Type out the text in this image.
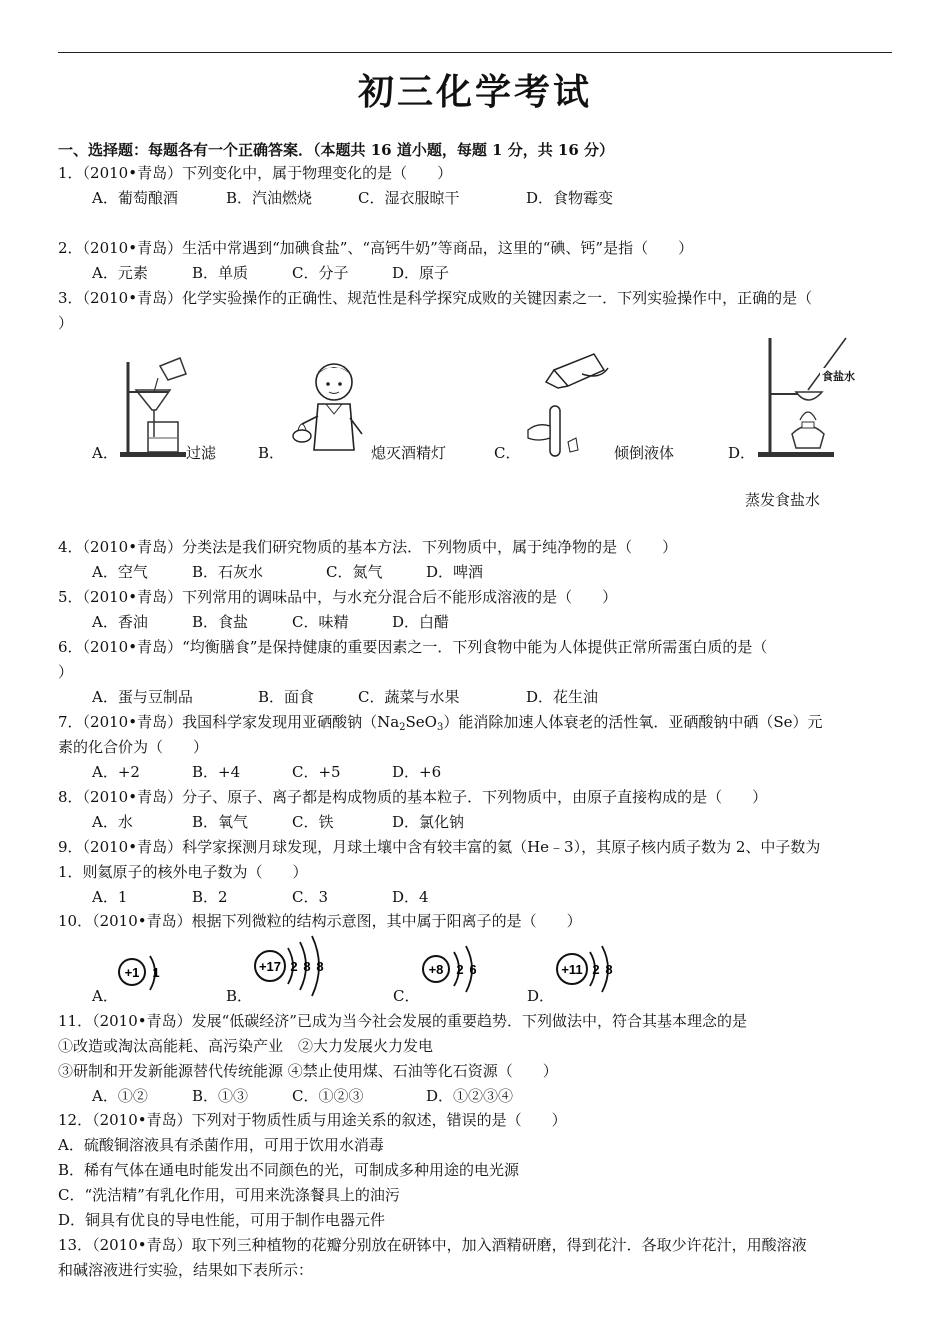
初三化学考试
一、选择题：每题各有一个正确答案．（本题共 16 道小题，每题 1 分，共 16 分）
1．（2010•青岛）下列变化中，属于物理变化的是（　　）
A．葡萄酿酒	B．汽油燃烧	C．湿衣服晾干	D．食物霉变
2．（2010•青岛）生活中常遇到“加碘食盐”、“高钙牛奶”等商品，这里的“碘、钙”是指（　　）
A．元素	B．单质	C．分子	D．原子
3．（2010•青岛）化学实验操作的正确性、规范性是科学探究成败的关键因素之一．下列实验操作中，正确的是（
）
A．	过滤	B．	熄灭酒精灯	C．	倾倒液体
食盐水
D．
蒸发食盐水
4．（2010•青岛）分类法是我们研究物质的基本方法．下列物质中，属于纯净物的是（　　）
A．空气	B．石灰水	C．氮气	D．啤酒
5．（2010•青岛）下列常用的调味品中，与水充分混合后不能形成溶液的是（　　）
A．香油	B．食盐	C．味精	D．白醋
6．（2010•青岛）“均衡膳食”是保持健康的重要因素之一．下列食物中能为人体提供正常所需蛋白质的是（
）
A．蛋与豆制品	B．面食	C．蔬菜与水果	D．花生油
7．（2010•青岛）我国科学家发现用亚硒酸钠$(Na_2SeO_3)$能消除加速人体衰老的活性氧．亚硒酸钠中硒（Se）元
素的化合价为（　　）
A．+2	B．+4	C．+5	D．+6
8．（2010•青岛）分子、原子、离子都是构成物质的基本粒子．下列物质中，由原子直接构成的是（　　）
A．水	B．氧气	C．铁	D．氯化钠
9．（2010•青岛）科学家探测月球发现，月球土壤中含有较丰富的氦（He﹣3），其原子核内质子数为 2、中子数为
1．则氦原子的核外电子数为（　　）
A．1	B．2	C．3	D．4
10．（2010•青岛）根据下列微粒的结构示意图，其中属于阳离子的是（　　）
A．
+1 1
B．
+17 2 8 8
C．
+8 2 6
D．
+11 2 8
11．（2010•青岛）发展“低碳经济”已成为当今社会发展的重要趋势．下列做法中，符合其基本理念的是
①改造或淘汰高能耗、高污染产业　②大力发展火力发电
③研制和开发新能源替代传统能源 ④禁止使用煤、石油等化石资源（　　）
A．①②	B．①③	C．①②③	D．①②③④
12．（2010•青岛）下列对于物质性质与用途关系的叙述，错误的是（　　）
A．硫酸铜溶液具有杀菌作用，可用于饮用水消毒
B．稀有气体在通电时能发出不同颜色的光，可制成多种用途的电光源
C．“洗洁精”有乳化作用，可用来洗涤餐具上的油污
D．铜具有优良的导电性能，可用于制作电器元件
13．（2010•青岛）取下列三种植物的花瓣分别放在研钵中，加入酒精研磨，得到花汁．各取少许花汁，用酸溶液
和碱溶液进行实验，结果如下表所示：
